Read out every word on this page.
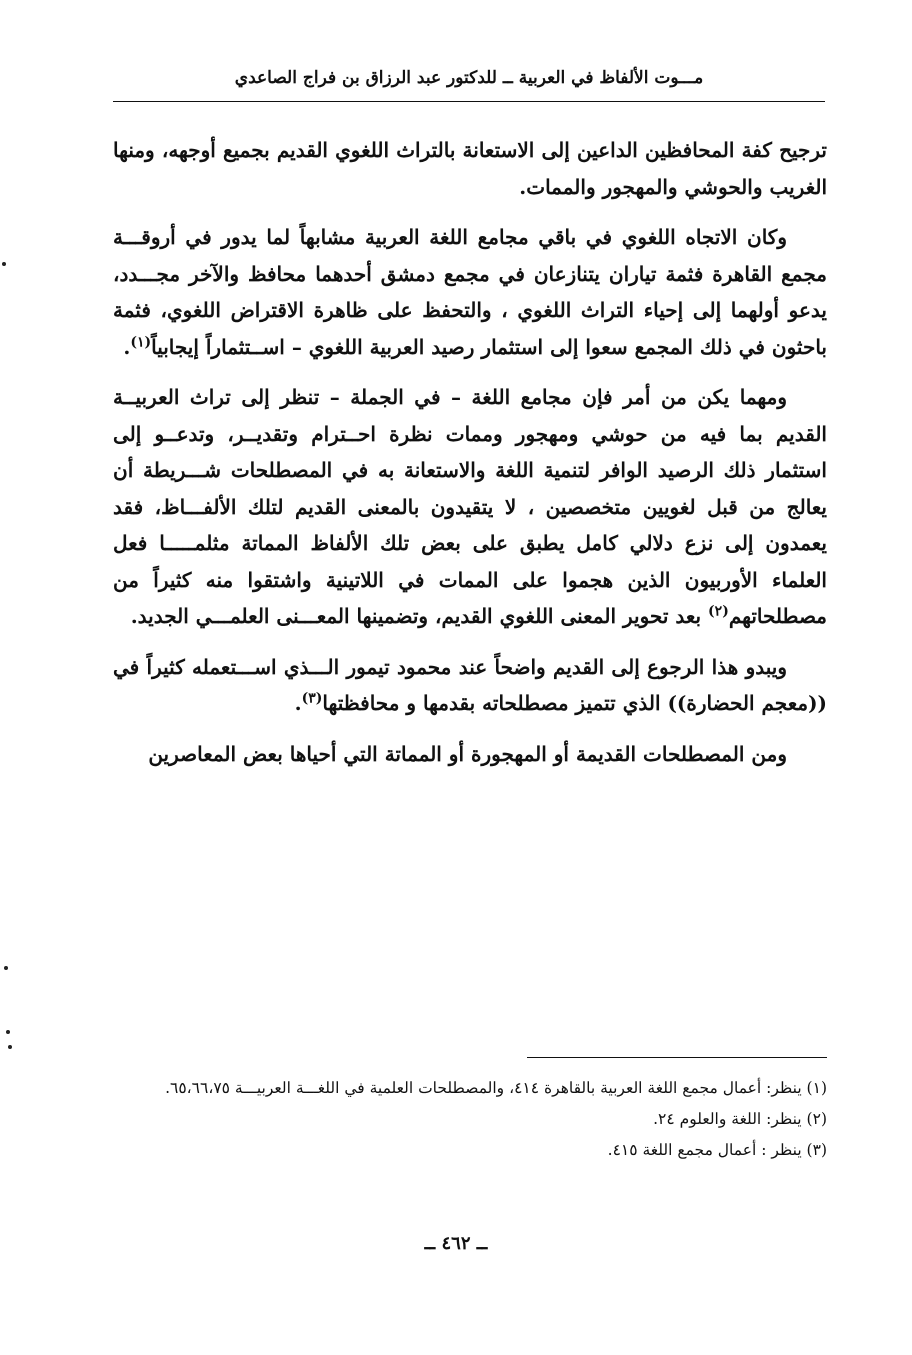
مـــوت الألفاظ في العربية ــ للدكتور عبد الرزاق بن فراج الصاعدي

ترجيح كفة المحافظين الداعين إلى الاستعانة بالتراث اللغوي القديم بجميع أوجهه، ومنها الغريب والحوشي والمهجور والممات.

وكان الاتجاه اللغوي في باقي مجامع اللغة العربية مشابهاً لما يدور في أروقـــة مجمع القاهرة فثمة تياران يتنازعان في مجمع دمشق أحدهما محافظ والآخر مجـــدد، يدعو أولهما إلى إحياء التراث اللغوي ، والتحفظ على ظاهرة الاقتراض اللغوي، فثمة باحثون في ذلك المجمع سعوا إلى استثمار رصيد العربية اللغوي – اســتثماراً إيجابياً$^{(١)}$.

ومهما يكن من أمر فإن مجامع اللغة – في الجملة – تنظر إلى تراث العربيــة القديم بما فيه من حوشي ومهجور وممات نظرة احــترام وتقديــر، وتدعــو إلى استثمار ذلك الرصيد الوافر لتنمية اللغة والاستعانة به في المصطلحات شـــريطة أن يعالج من قبل لغويين متخصصين ، لا يتقيدون بالمعنى القديم لتلك الألفـــاظ، فقد يعمدون إلى نزع دلالي كامل يطبق على بعض تلك الألفاظ المماتة مثلمـــــا فعل العلماء الأوربيون الذين هجموا على الممات في اللاتينية واشتقوا منه كثيراً من مصطلحاتهم$^{(٢)}$ بعد تحوير المعنى اللغوي القديم، وتضمينها المعـــنى العلمـــي الجديد.

ويبدو هذا الرجوع إلى القديم واضحاً عند محمود تيمور الـــذي اســـتعمله كثيراً في ((معجم الحضارة)) الذي تتميز مصطلحاته بقدمها و محافظتها$^{(٣)}$.

ومن المصطلحات القديمة أو المهجورة أو المماتة التي أحياها بعض المعاصرين

(١) ينظر: أعمال مجمع اللغة العربية بالقاهرة ٤١٤، والمصطلحات العلمية في اللغـــة العربيـــة ٦٥،٦٦،٧٥.

(٢) ينظر: اللغة والعلوم ٢٤.

(٣) ينظر : أعمال مجمع اللغة ٤١٥.

ــ ٤٦٢ ــ
